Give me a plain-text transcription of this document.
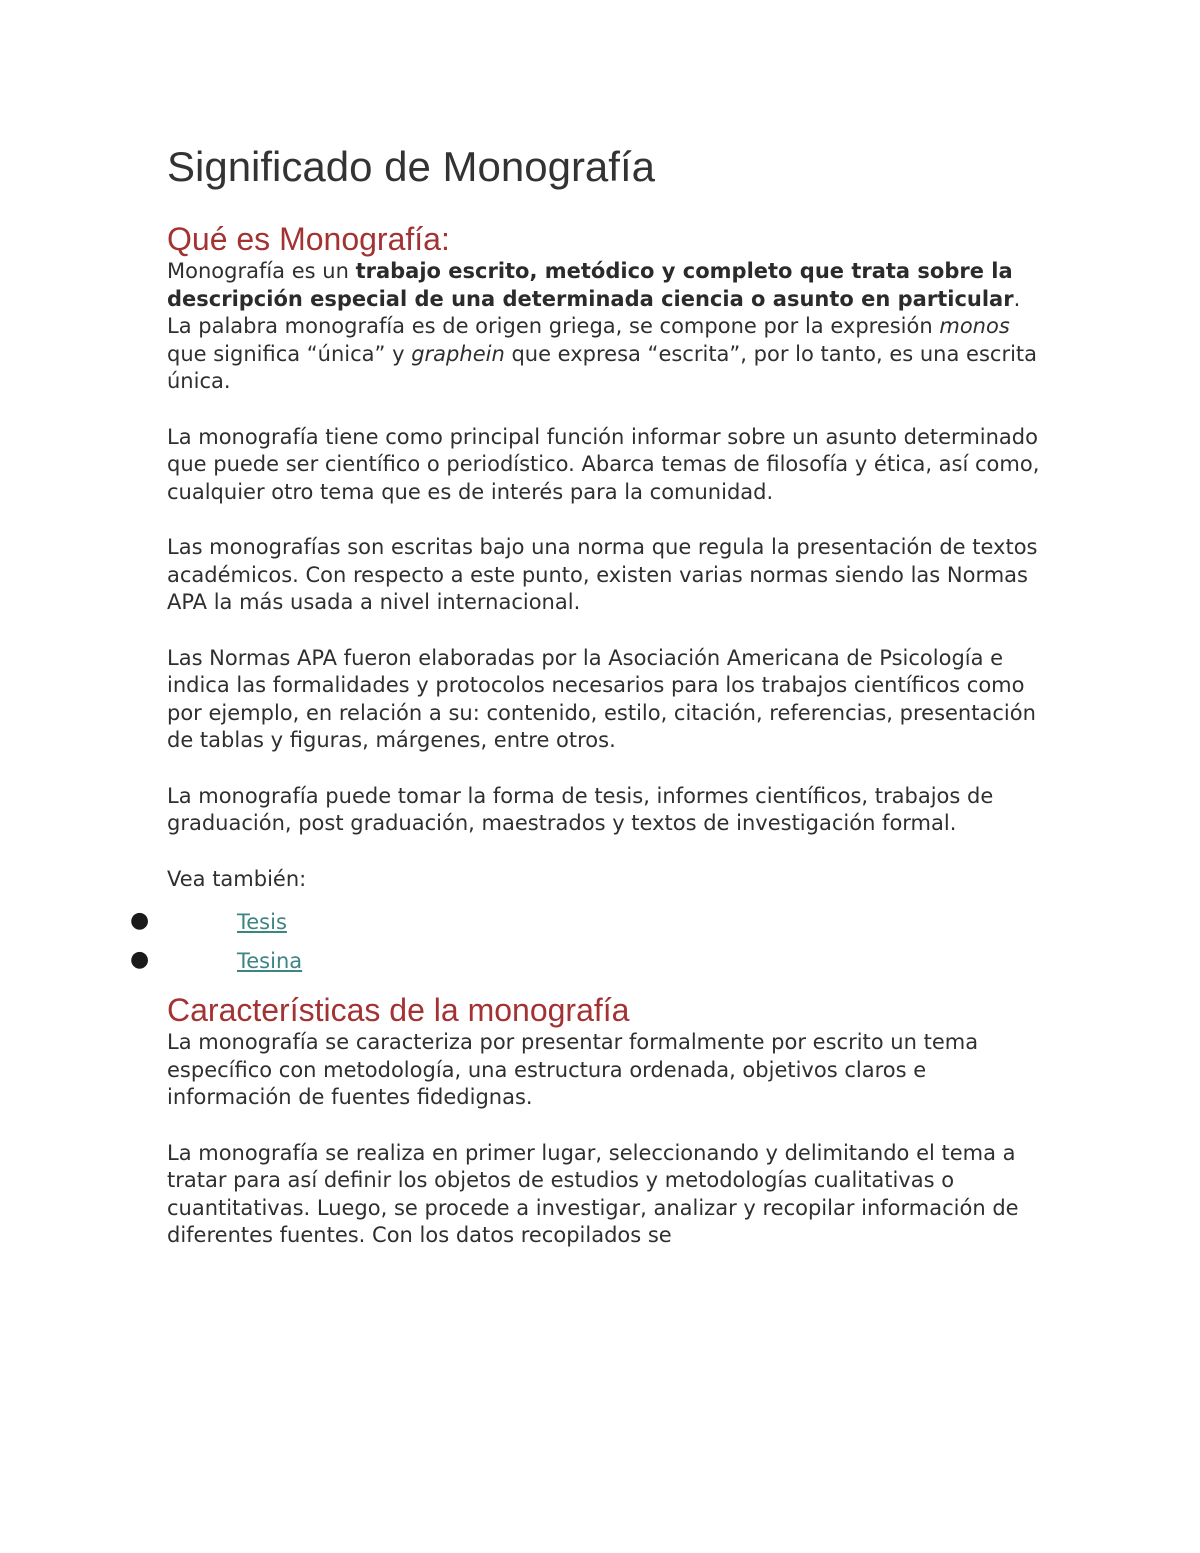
Significado de Monografía
Qué es Monografía:

Monografía es un trabajo escrito, metódico y completo que trata sobre la descripción especial de una determinada ciencia o asunto en particular.

La palabra monografía es de origen griega, se compone por la expresión monos que significa “única” y graphein que expresa “escrita”, por lo tanto, es una escrita única.

La monografía tiene como principal función informar sobre un asunto determinado que puede ser científico o periodístico. Abarca temas de filosofía y ética, así como, cualquier otro tema que es de interés para la comunidad.

Las monografías son escritas bajo una norma que regula la presentación de textos académicos. Con respecto a este punto, existen varias normas siendo las Normas APA la más usada a nivel internacional.

Las Normas APA fueron elaboradas por la Asociación Americana de Psicología e indica las formalidades y protocolos necesarios para los trabajos científicos como por ejemplo, en relación a su: contenido, estilo, citación, referencias, presentación de tablas y figuras, márgenes, entre otros.

La monografía puede tomar la forma de tesis, informes científicos, trabajos de graduación, post graduación, maestrados y textos de investigación formal.

Vea también:

●	Tesis
●	Tesina
Características de la monografía

La monografía se caracteriza por presentar formalmente por escrito un tema específico con metodología, una estructura ordenada, objetivos claros e información de fuentes fidedignas.

La monografía se realiza en primer lugar, seleccionando y delimitando el tema a tratar para así definir los objetos de estudios y metodologías cualitativas o cuantitativas. Luego, se procede a investigar, analizar y recopilar información de diferentes fuentes. Con los datos recopilados se
